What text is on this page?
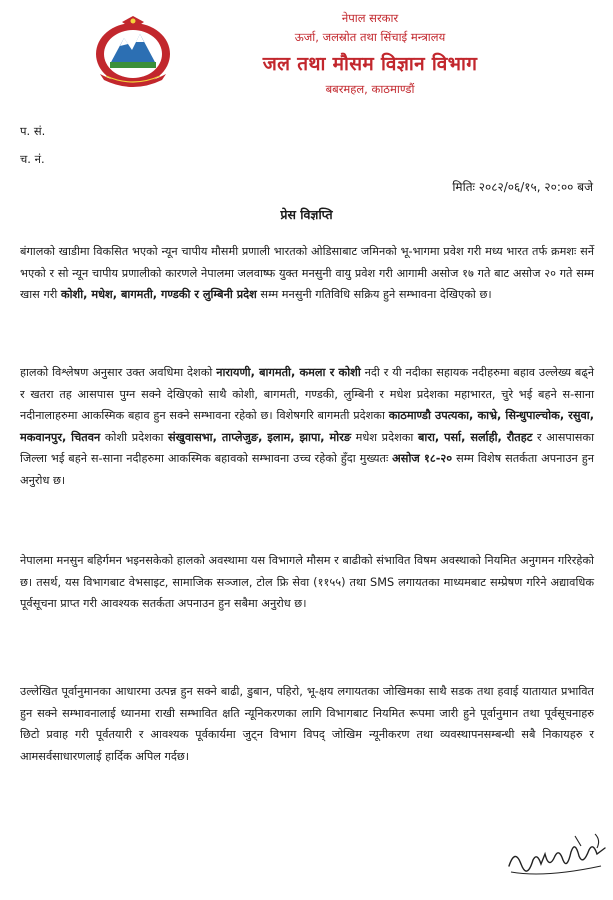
नेपाल सरकार
ऊर्जा, जलस्रोत तथा सिंचाई मन्त्रालय
जल तथा मौसम विज्ञान विभाग
बबरमहल, काठमाण्डौं
प. सं.
च. नं.
मितिः २०८२/०६/१५, २०:०० बजे
प्रेस विज्ञप्ति
बंगालको खाडीमा विकसित भएको न्यून चापीय मौसमी प्रणाली भारतको ओडिसाबाट जमिनको भू-भागमा प्रवेश गरी मध्य भारत तर्फ क्रमशः सर्ने भएको र सो न्यून चापीय प्रणालीको कारणले नेपालमा जलवाष्फ युक्त मनसुनी वायु प्रवेश गरी आगामी असोज १७ गते बाट असोज २० गते सम्म खास गरी कोशी, मधेश, बागमती, गण्डकी र लुम्बिनी प्रदेश सम्म मनसुनी गतिविधि सक्रिय हुने सम्भावना देखिएको छ।
हालको विश्लेषण अनुसार उक्त अवधिमा देशको नारायणी, बागमती, कमला र कोशी नदी र यी नदीका सहायक नदीहरुमा बहाव उल्लेख्य बढ्ने र खतरा तह आसपास पुग्न सक्ने देखिएको साथै कोशी, बागमती, गण्डकी, लुम्बिनी र मधेश प्रदेशका महाभारत, चुरे भई बहने स-साना नदीनालाहरुमा आकस्मिक बहाव हुन सक्ने सम्भावना रहेको छ। विशेषगरि बागमती प्रदेशका काठमाण्डौ उपत्यका, काभ्रे, सिन्धुपाल्चोक, रसुवा, मकवानपुर, चितवन कोशी प्रदेशका संखुवासभा, ताप्लेजुङ, इलाम, झापा, मोरङ मधेश प्रदेशका बारा, पर्सा, सर्लाही, रौतहट र आसपासका जिल्ला भई बहने स-साना नदीहरुमा आकस्मिक बहावको सम्भावना उच्च रहेको हुँदा मुख्यतः असोज १८-२० सम्म विशेष सतर्कता अपनाउन हुन अनुरोध छ।
नेपालमा मनसुन बहिर्गमन भइनसकेको हालको अवस्थामा यस विभागले मौसम र बाढीको संभावित विषम अवस्थाको नियमित अनुगमन गरिरहेको छ। तसर्थ, यस विभागबाट वेभसाइट, सामाजिक सञ्जाल, टोल फ्रि सेवा (११५५) तथा SMS लगायतका माध्यमबाट सम्प्रेषण गरिने अद्यावधिक पूर्वसूचना प्राप्त गरी आवश्यक सतर्कता अपनाउन हुन सबैमा अनुरोध छ।
उल्लेखित पूर्वानुमानका आधारमा उत्पन्न हुन सक्ने बाढी, डुबान, पहिरो, भू-क्षय लगायतका जोखिमका साथै सडक तथा हवाई यातायात प्रभावित हुन सक्ने सम्भावनालाई ध्यानमा राखी सम्भावित क्षति न्यूनिकरणका लागि विभागबाट नियमित रूपमा जारी हुने पूर्वानुमान तथा पूर्वसूचनाहरु छिटो प्रवाह गरी पूर्वतयारी र आवश्यक पूर्वकार्यमा जुट्न विभाग विपद् जोखिम न्यूनीकरण तथा व्यवस्थापनसम्बन्धी सबै निकायहरु र आमसर्वसाधारणलाई हार्दिक अपिल गर्दछ।
